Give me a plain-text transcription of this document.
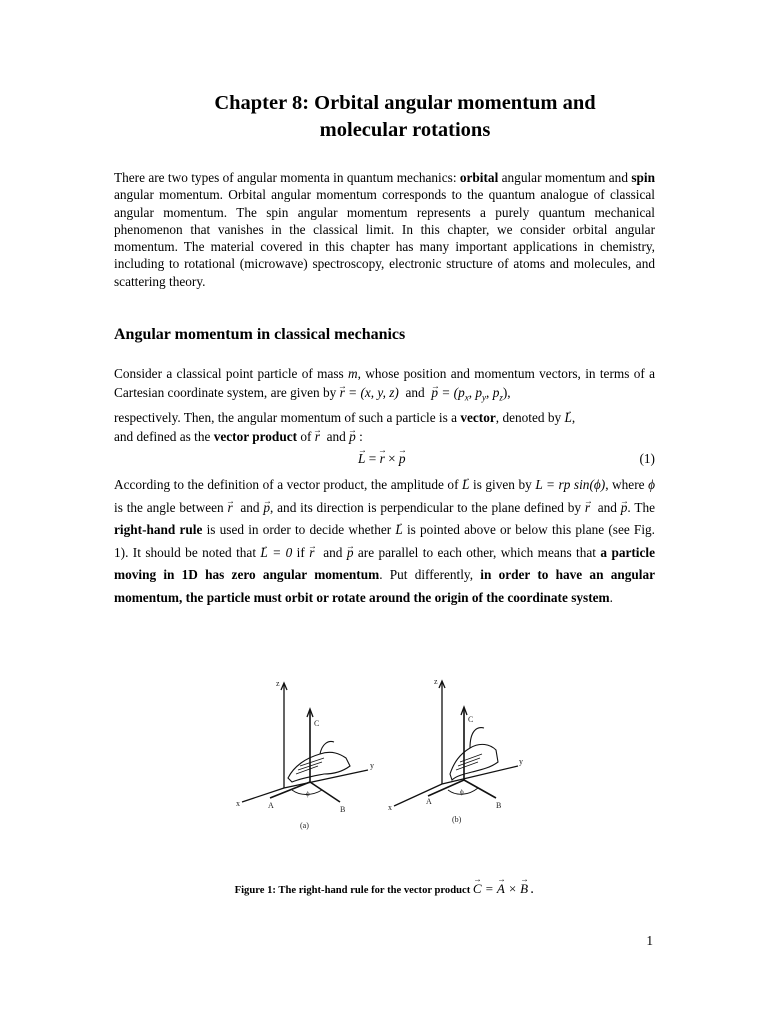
Chapter 8: Orbital angular momentum and
molecular rotations
There are two types of angular momenta in quantum mechanics: orbital angular momentum and spin angular momentum. Orbital angular momentum corresponds to the quantum analogue of classical angular momentum. The spin angular momentum represents a purely quantum mechanical phenomenon that vanishes in the classical limit. In this chapter, we consider orbital angular momentum. The material covered in this chapter has many important applications in chemistry, including to rotational (microwave) spectroscopy, electronic structure of atoms and molecules, and scattering theory.
Angular momentum in classical mechanics
Consider a classical point particle of mass m, whose position and momentum vectors, in terms of a Cartesian coordinate system, are given by → r = (x, y, z) and → $p = (p_x$, $p_y$, $p_z$),
respectively. Then, the angular momentum of such a particle is a vector, denoted by → L,
and defined as the vector product of → r and → p :
→ L = → r × → p	(1)
According to the definition of a vector product, the amplitude of → L is given by L = rp sin(ϕ), where ϕ is the angle between → r and → p, and its direction is perpendicular to the plane defined by → r and → p. The right-hand rule is used in order to decide whether → L is pointed above or below this plane (see Fig. 1). It should be noted that → L = 0 if → r and → p are parallel to each other, which means that a particle moving in 1D has zero angular momentum. Put differently, in order to have an angular momentum, the particle must orbit or rotate around the origin of the coordinate system.
z
y
x
C
A	B
ϕ
(a)
z
y
x
C
A	B
ϕ
(b)
Figure 1: The right-hand rule for the vector product → C = → A × → B .
1
